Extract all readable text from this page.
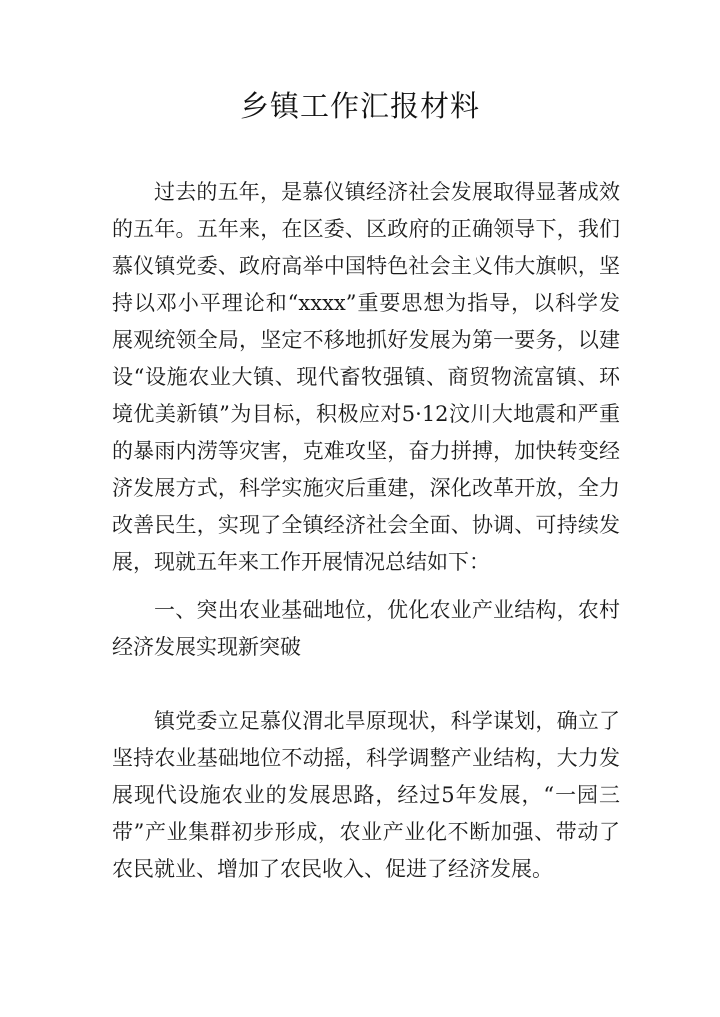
乡镇工作汇报材料

过去的五年，是慕仪镇经济社会发展取得显著成效的五年。五年来，在区委、区政府的正确领导下，我们慕仪镇党委、政府高举中国特色社会主义伟大旗帜，坚持以邓小平理论和“xxxx”重要思想为指导，以科学发展观统领全局，坚定不移地抓好发展为第一要务，以建设“设施农业大镇、现代畜牧强镇、商贸物流富镇、环境优美新镇”为目标，积极应对5·12汶川大地震和严重的暴雨内涝等灾害，克难攻坚，奋力拼搏，加快转变经济发展方式，科学实施灾后重建，深化改革开放，全力改善民生，实现了全镇经济社会全面、协调、可持续发展，现就五年来工作开展情况总结如下：

一、突出农业基础地位，优化农业产业结构，农村经济发展实现新突破

镇党委立足慕仪渭北旱原现状，科学谋划，确立了坚持农业基础地位不动摇，科学调整产业结构，大力发展现代设施农业的发展思路，经过5年发展，“一园三带”产业集群初步形成，农业产业化不断加强、带动了农民就业、增加了农民收入、促进了经济发展。
